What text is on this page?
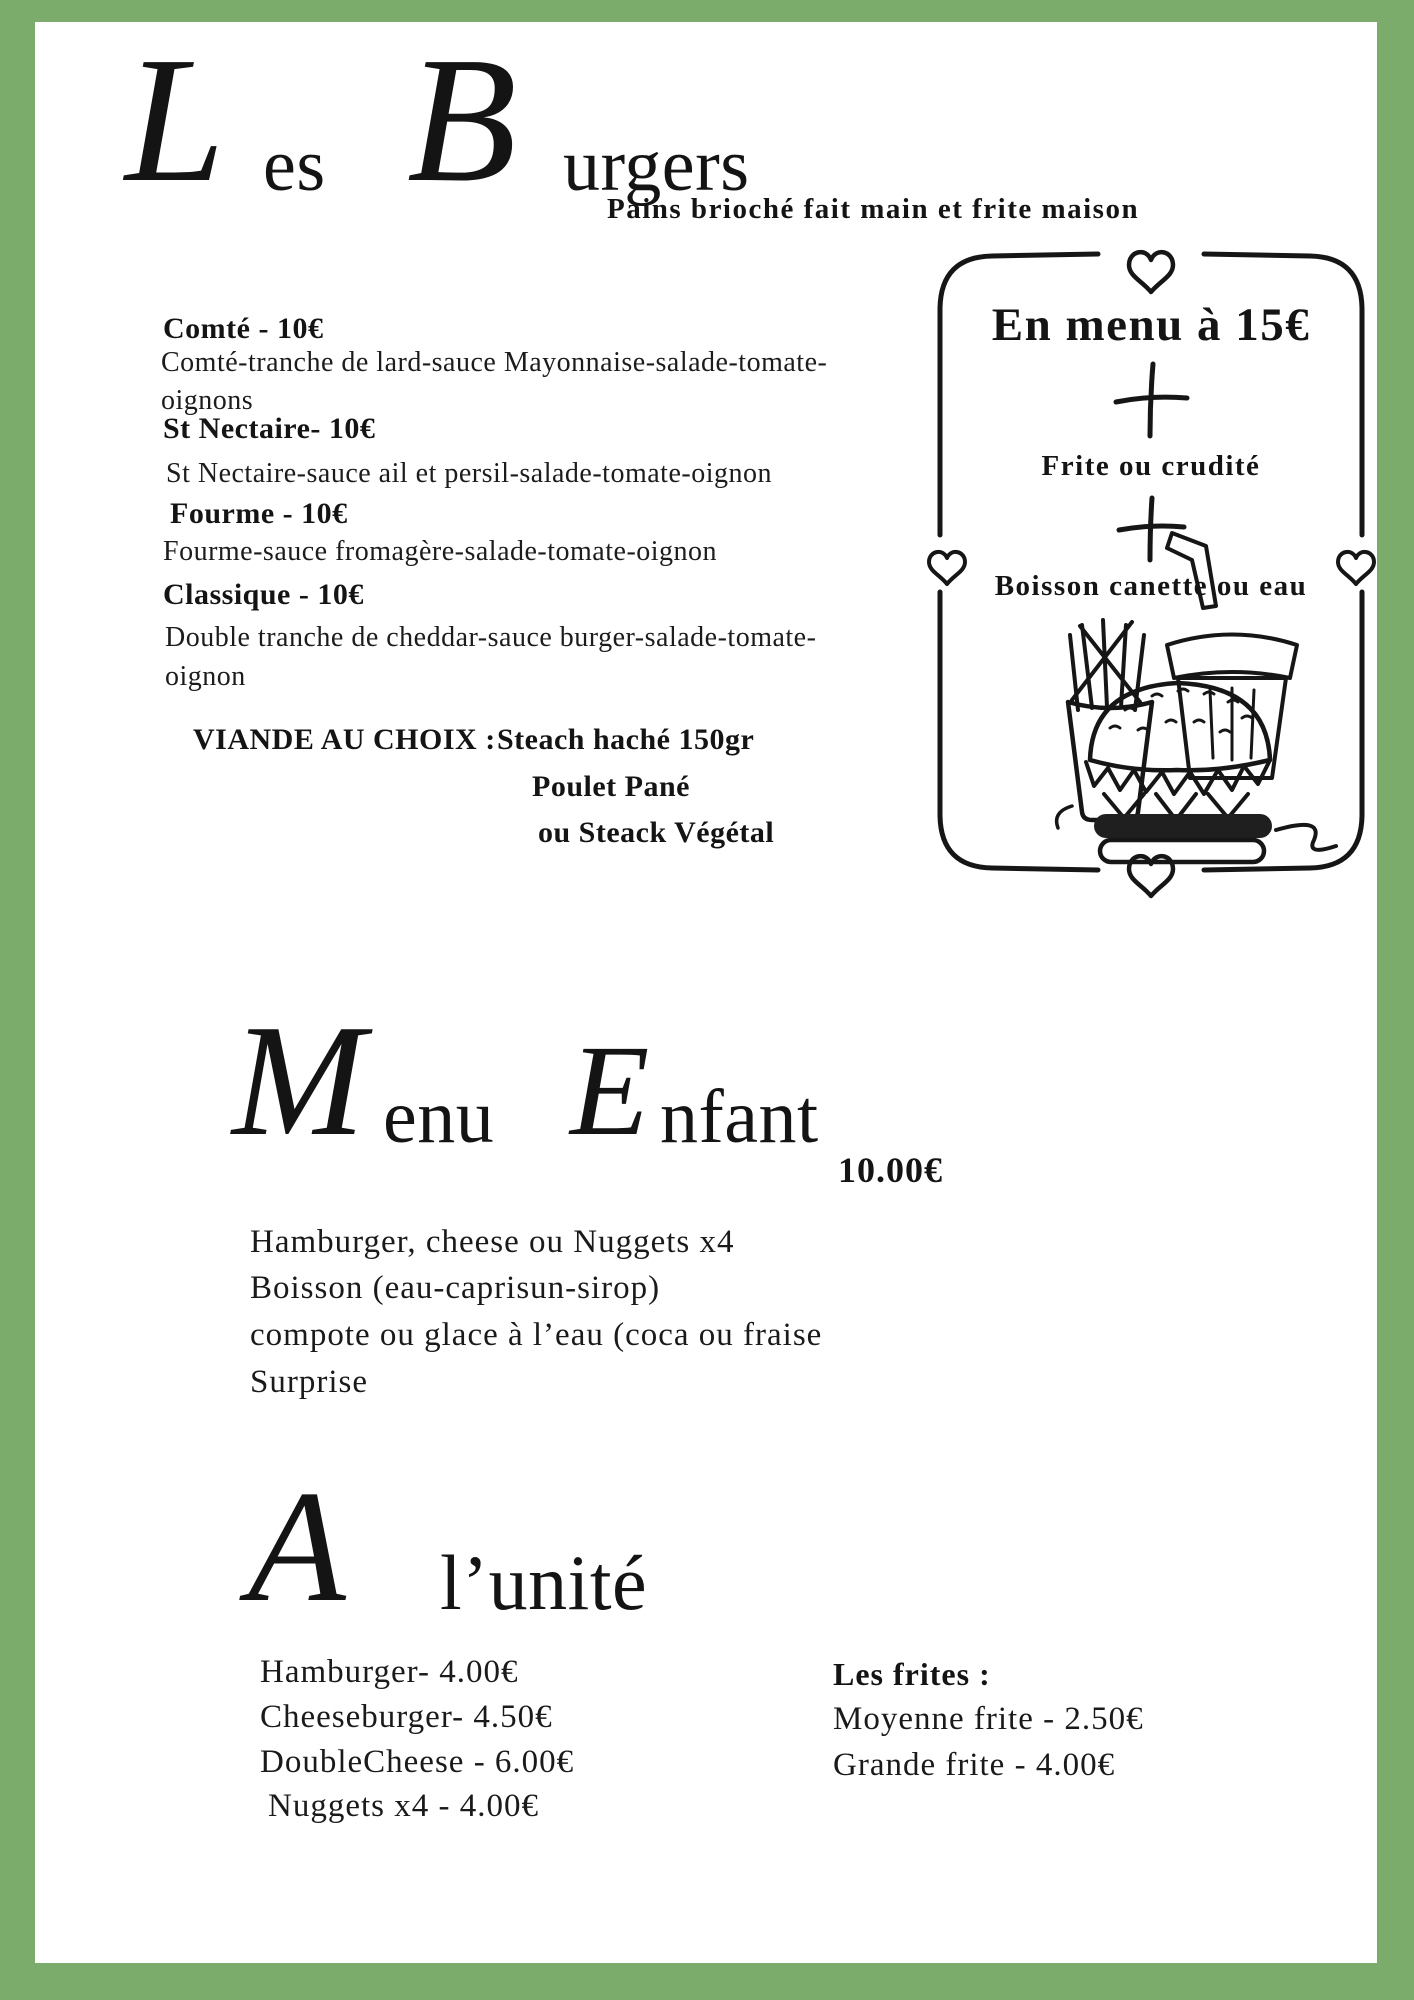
L es B urgers
Pains brioché fait main et frite maison
Comté - 10€
Comté-tranche de lard-sauce Mayonnaise-salade-tomate-
oignons
St Nectaire- 10€
St Nectaire-sauce ail et persil-salade-tomate-oignon
Fourme - 10€
Fourme-sauce fromagère-salade-tomate-oignon
Classique - 10€
Double tranche de cheddar-sauce burger-salade-tomate-
oignon
VIANDE AU CHOIX : Steach haché 150gr
Poulet Pané
ou Steack Végétal
En menu à 15€
Frite ou crudité
Boisson canette ou eau
M enu E nfant
10.00€
Hamburger, cheese ou Nuggets x4
Boisson (eau-caprisun-sirop)
compote ou glace à l’eau (coca ou fraise
Surprise
A l’unité
Hamburger- 4.00€
Cheeseburger- 4.50€
DoubleCheese - 6.00€
Nuggets x4 - 4.00€
Les frites :
Moyenne frite - 2.50€
Grande frite - 4.00€
